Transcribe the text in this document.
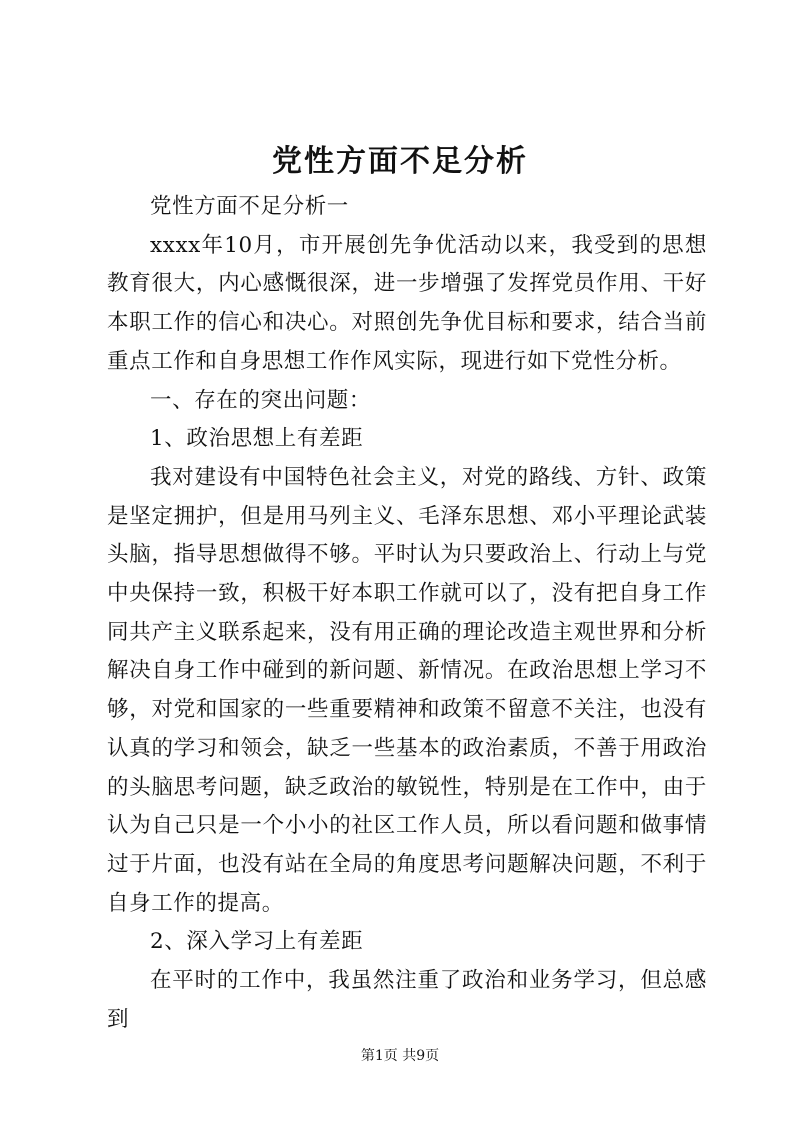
党性方面不足分析

党性方面不足分析一

xxxx年10月，市开展创先争优活动以来，我受到的思想教育很大，内心感慨很深，进一步增强了发挥党员作用、干好本职工作的信心和决心。对照创先争优目标和要求，结合当前重点工作和自身思想工作作风实际，现进行如下党性分析。

一、存在的突出问题：

1、政治思想上有差距

我对建设有中国特色社会主义，对党的路线、方针、政策是坚定拥护，但是用马列主义、毛泽东思想、邓小平理论武装头脑，指导思想做得不够。平时认为只要政治上、行动上与党中央保持一致，积极干好本职工作就可以了，没有把自身工作同共产主义联系起来，没有用正确的理论改造主观世界和分析解决自身工作中碰到的新问题、新情况。在政治思想上学习不够，对党和国家的一些重要精神和政策不留意不关注，也没有认真的学习和领会，缺乏一些基本的政治素质，不善于用政治的头脑思考问题，缺乏政治的敏锐性，特别是在工作中，由于认为自己只是一个小小的社区工作人员，所以看问题和做事情过于片面，也没有站在全局的角度思考问题解决问题，不利于自身工作的提高。

2、深入学习上有差距

在平时的工作中，我虽然注重了政治和业务学习，但总感到

第1页 共9页
